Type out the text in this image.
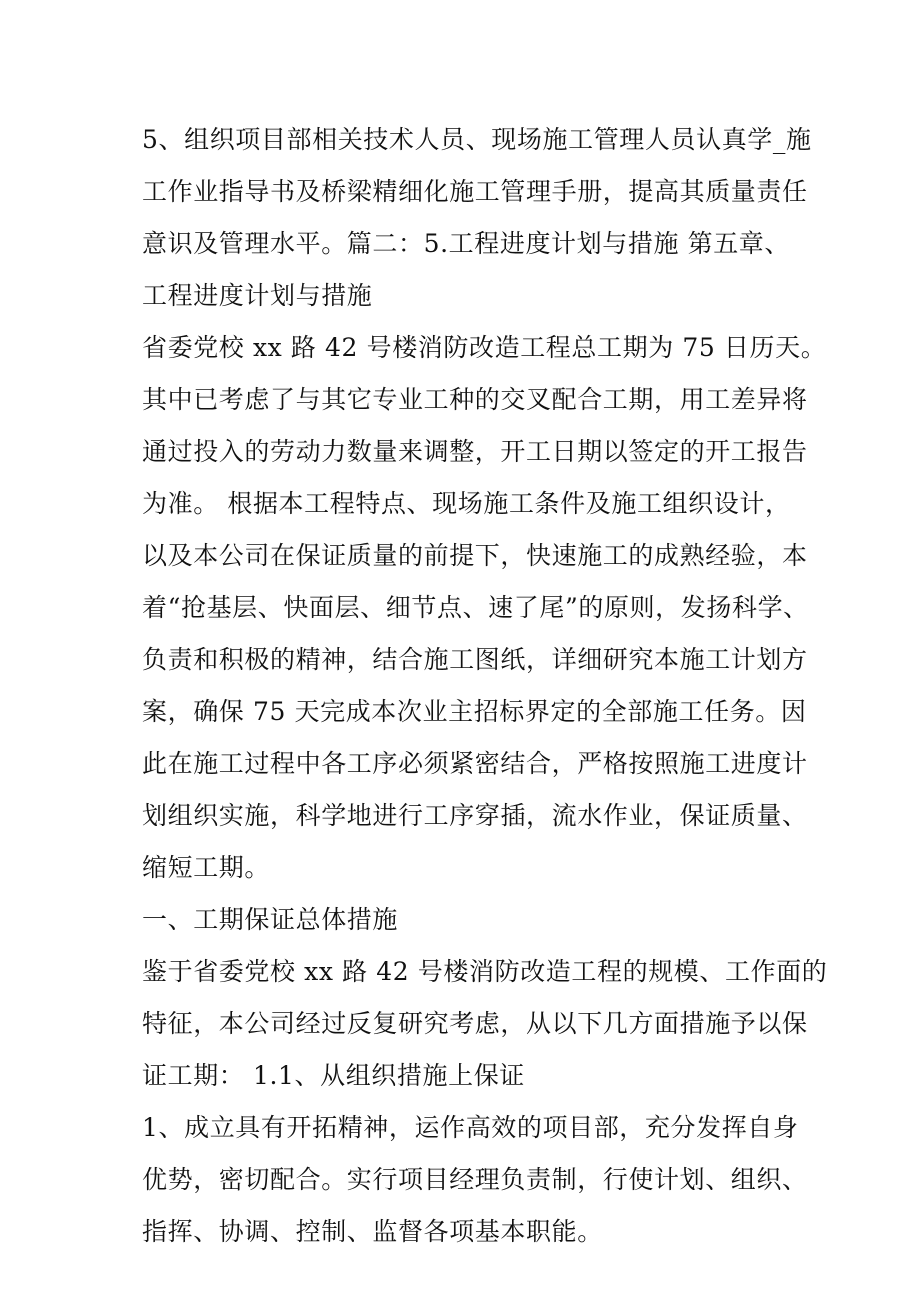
5、组织项目部相关技术人员、现场施工管理人员认真学_施
工作业指导书及桥梁精细化施工管理手册，提高其质量责任
意识及管理水平。篇二：5.工程进度计划与措施 第五章、
工程进度计划与措施
省委党校 xx 路 42 号楼消防改造工程总工期为 75 日历天。
其中已考虑了与其它专业工种的交叉配合工期，用工差异将
通过投入的劳动力数量来调整，开工日期以签定的开工报告
为准。 根据本工程特点、现场施工条件及施工组织设计，
以及本公司在保证质量的前提下，快速施工的成熟经验，本
着“抢基层、快面层、细节点、速了尾”的原则，发扬科学、
负责和积极的精神，结合施工图纸，详细研究本施工计划方
案，确保 75 天完成本次业主招标界定的全部施工任务。因
此在施工过程中各工序必须紧密结合，严格按照施工进度计
划组织实施，科学地进行工序穿插，流水作业，保证质量、
缩短工期。
一、工期保证总体措施
鉴于省委党校 xx 路 42 号楼消防改造工程的规模、工作面的
特征，本公司经过反复研究考虑，从以下几方面措施予以保
证工期： 1.1、从组织措施上保证
1、成立具有开拓精神，运作高效的项目部，充分发挥自身
优势，密切配合。实行项目经理负责制，行使计划、组织、
指挥、协调、控制、监督各项基本职能。
